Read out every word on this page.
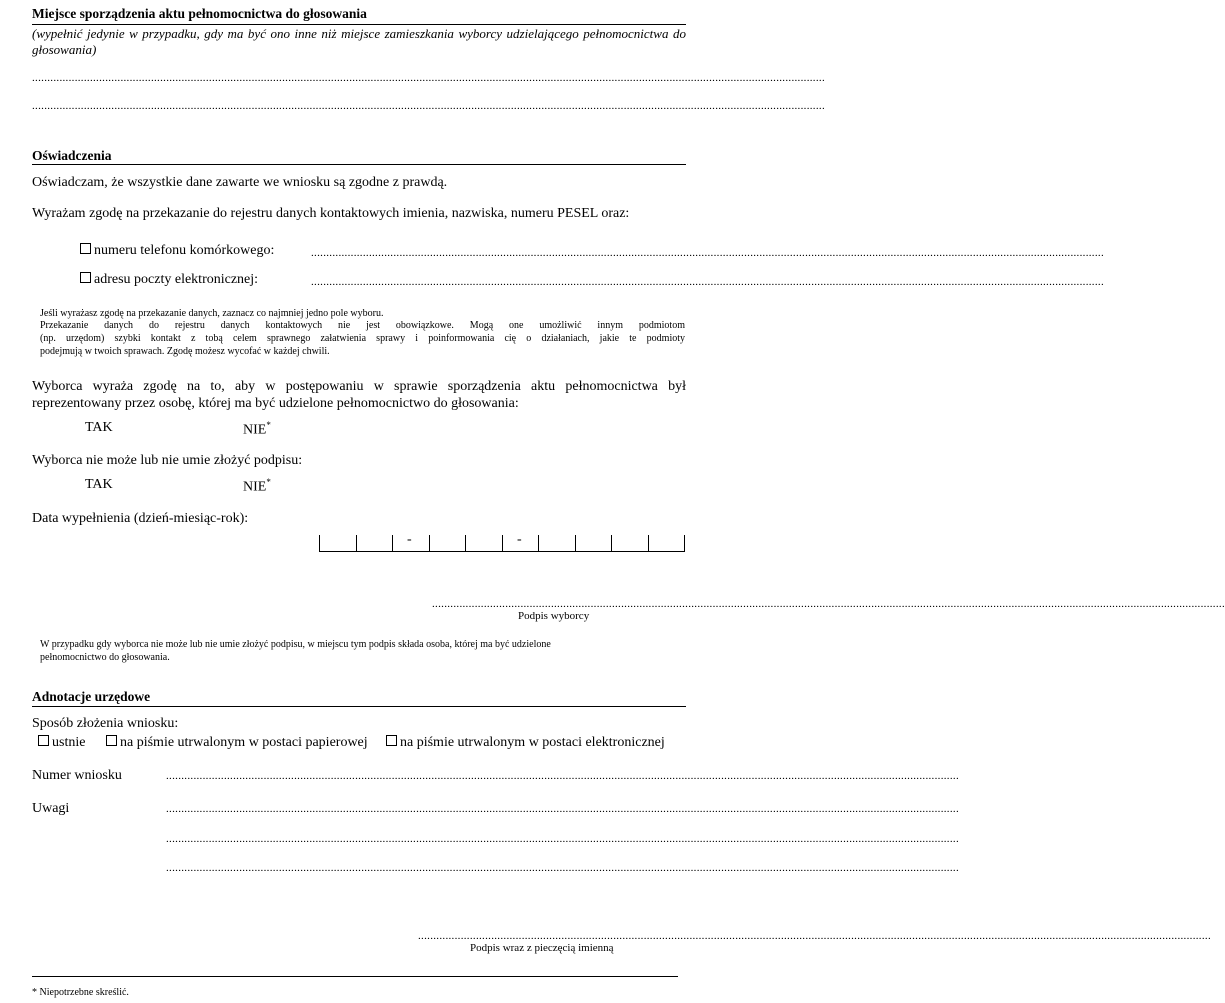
Miejsce sporządzenia aktu pełnomocnictwa do głosowania
(wypełnić jedynie w przypadku, gdy ma być ono inne niż miejsce zamieszkania wyborcy udzielającego pełnomocnictwa do
głosowania)
....................................................................................................................................................................................................................................................................
....................................................................................................................................................................................................................................................................
Oświadczenia
Oświadczam, że wszystkie dane zawarte we wniosku są zgodne z prawdą.
Wyrażam zgodę na przekazanie do rejestru danych kontaktowych imienia, nazwiska, numeru PESEL oraz:
numeru telefonu komórkowego:	....................................................................................................................................................................................................................................................................
adresu poczty elektronicznej:	....................................................................................................................................................................................................................................................................
Jeśli wyrażasz zgodę na przekazanie danych, zaznacz co najmniej jedno pole wyboru.
Przekazanie danych do rejestru danych kontaktowych nie jest obowiązkowe. Mogą one umożliwić innym podmiotom
(np. urzędom) szybki kontakt z tobą celem sprawnego załatwienia sprawy i poinformowania cię o działaniach, jakie te podmioty
podejmują w twoich sprawach. Zgodę możesz wycofać w każdej chwili.
Wyborca wyraża zgodę na to, aby w postępowaniu w sprawie sporządzenia aktu pełnomocnictwa był
reprezentowany przez osobę, której ma być udzielone pełnomocnictwo do głosowania:
TAK	NIE*
Wyborca nie może lub nie umie złożyć podpisu:
TAK	NIE*
Data wypełnienia (dzień-miesiąc-rok):
-	-
....................................................................................................................................................................................................................................................................
Podpis wyborcy
W przypadku gdy wyborca nie może lub nie umie złożyć podpisu, w miejscu tym podpis składa osoba, której ma być udzielone
pełnomocnictwo do głosowania.
Adnotacje urzędowe
Sposób złożenia wniosku:
ustnie	na piśmie utrwalonym w postaci papierowej	na piśmie utrwalonym w postaci elektronicznej
Numer wniosku	....................................................................................................................................................................................................................................................................
Uwagi	....................................................................................................................................................................................................................................................................
....................................................................................................................................................................................................................................................................
....................................................................................................................................................................................................................................................................
....................................................................................................................................................................................................................................................................
Podpis wraz z pieczęcią imienną
* Niepotrzebne skreślić.
